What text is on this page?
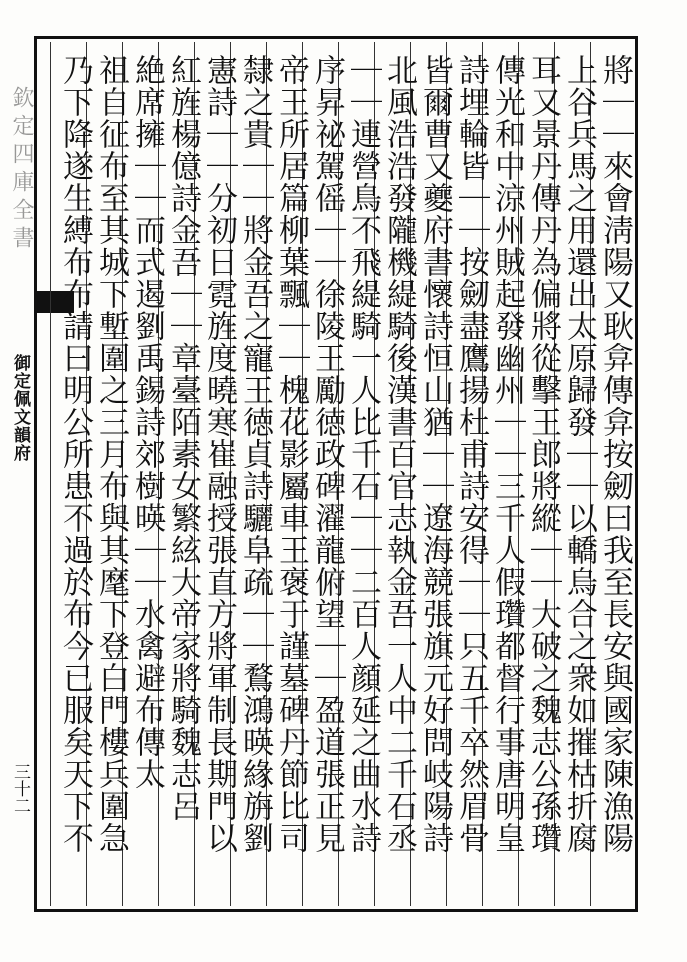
欽定四庫全書
御定佩文韻府
三十二	將｜｜來會淸陽又耿弇傳弇按劒曰我至長安與國家陳漁陽
上谷兵馬之用還出太原歸發｜｜以轎烏合之衆如摧枯折腐
耳又景丹傳丹為偏將從擊王郎將縱｜｜大破之魏志公孫瓚
傳光和中涼州賊起發幽州｜｜三千人假瓚都督行事唐明皇
詩埋輪皆｜｜按劒盡鷹揚杜甫詩安得｜｜只五千卒然眉骨
皆爾曹又夔府書懷詩恒山猶｜｜遼海競張旗元好問岐陽詩
北風浩浩發隴機緹騎後漢書百官志執金吾一人中二千石丞
｜｜連營鳥不飛緹騎一人比千石｜｜二百人顔延之曲水詩
序昇祕駕傜｜｜徐陵王勵徳政碑濯龍俯望｜｜盈道張正見
帝王所居篇柳葉飄｜｜槐花影屬車王褒于謹墓碑丹節比司
隸之貴｜｜將金吾之寵王徳貞詩驪阜疏｜｜鶩鴻暎緣旃劉
憲詩｜｜分初日霓旌度曉寒崔融授張直方將軍制長期門以
紅旌楊億詩金吾｜｜章臺陌素女繁絃大帝家將騎魏志呂
絶席擁｜｜而式遏劉禹錫詩郊樹暎｜｜水禽避布傳太
祖自征布至其城下塹圍之三月布與其麾下登白門樓兵圍急
乃下降遂生縛布布請曰明公所患不過於布今已服矣天下不
